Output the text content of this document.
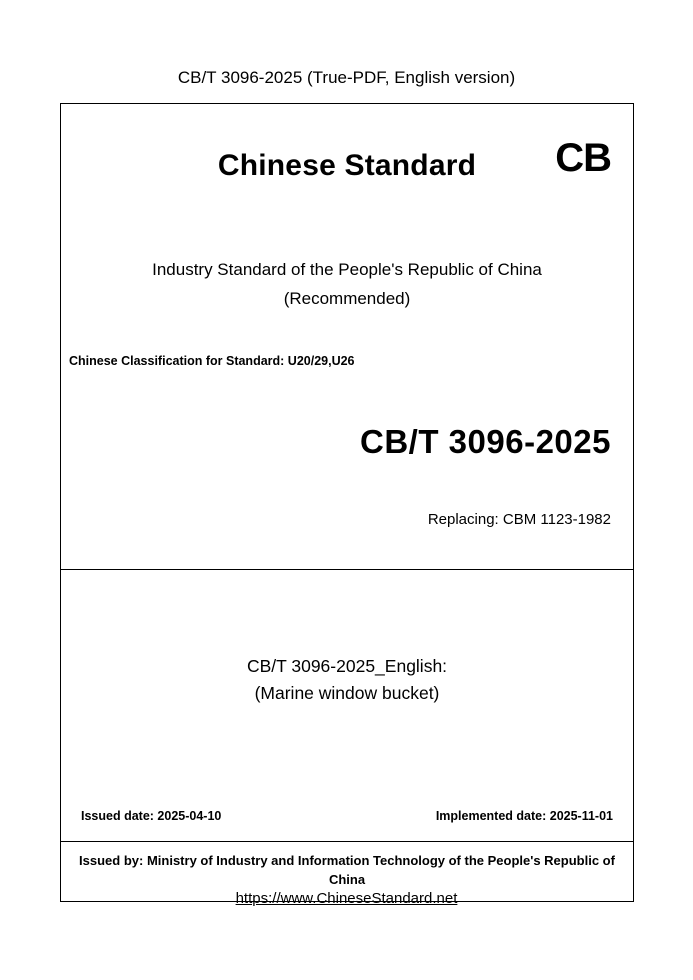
CB/T 3096-2025 (True-PDF, English version)
Chinese Standard	CB
Industry Standard of the People's Republic of China
(Recommended)
Chinese Classification for Standard: U20/29,U26
CB/T 3096-2025
Replacing: CBM 1123-1982
CB/T 3096-2025_English:
(Marine window bucket)
Issued date: 2025-04-10	Implemented date: 2025-11-01
Issued by: Ministry of Industry and Information Technology of the People's Republic of
China
https://www.ChineseStandard.net
